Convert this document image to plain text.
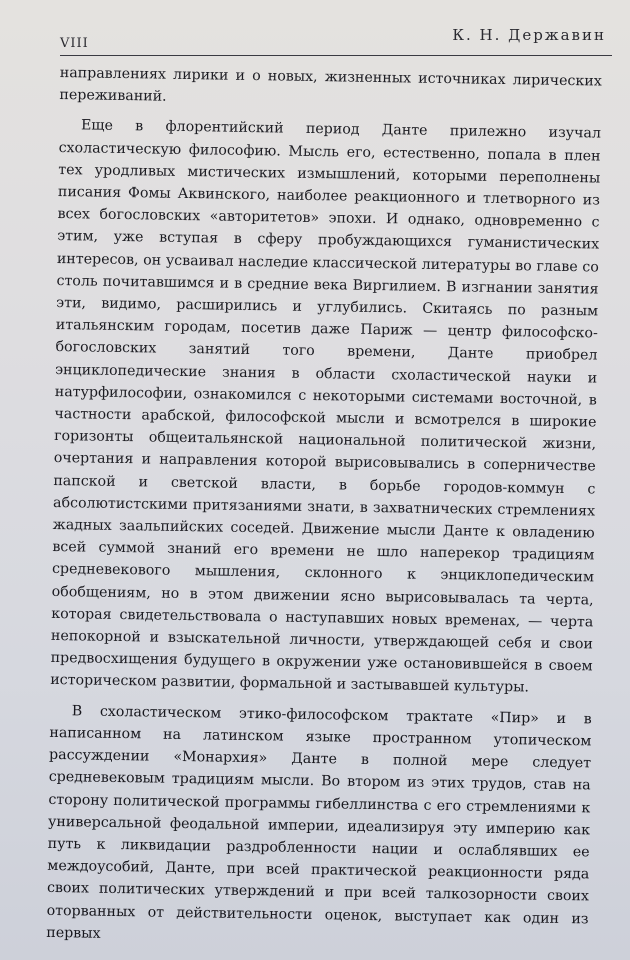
VIII	К. Н. Державин

направлениях лирики и о новых, жизненных источниках лирических переживаний.

Еще в флорентийский период Данте прилежно изучал схоластическую философию. Мысль его, естественно, попала в плен тех уродливых мистических измышлений, которыми переполнены писания Фомы Аквинского, наиболее реакционного и тлетворного из всех богословских «авторитетов» эпохи. И однако, одновременно с этим, уже вступая в сферу пробуждающихся гуманистических интересов, он усваивал наследие классической литературы во главе со столь почитавшимся и в средние века Виргилием. В изгнании занятия эти, видимо, расширились и углубились. Скитаясь по разным итальянским городам, посетив даже Париж — центр философско-богословских занятий того времени, Данте приобрел энциклопедические знания в области схоластической науки и натурфилософии, ознакомился с некоторыми системами восточной, в частности арабской, философской мысли и всмотрелся в широкие горизонты общеитальянской национальной политической жизни, очертания и направления которой вырисовывались в соперничестве папской и светской власти, в борьбе городов-коммун с абсолютистскими притязаниями знати, в захватнических стремлениях жадных заальпийских соседей. Движение мысли Данте к овладению всей суммой знаний его времени не шло наперекор традициям средневекового мышления, склонного к энциклопедическим обобщениям, но в этом движении ясно вырисовывалась та черта, которая свидетельствовала о наступавших новых временах, — черта непокорной и взыскательной личности, утверждающей себя и свои предвосхищения будущего в окружении уже остановившейся в своем историческом развитии, формальной и застывавшей культуры.

В схоластическом этико-философском трактате «Пир» и в написанном на латинском языке пространном утопическом рассуждении «Монархия» Данте в полной мере следует средневековым традициям мысли. Во втором из этих трудов, став на сторону политической программы гибеллинства с его стремлениями к универсальной феодальной империи, идеализируя эту империю как путь к ликвидации раздробленности нации и ослаблявших ее междоусобий, Данте, при всей практической реакционности ряда своих политических утверждений и при всей талкозорности своих оторванных от действительности оценок, выступает как один из первых
